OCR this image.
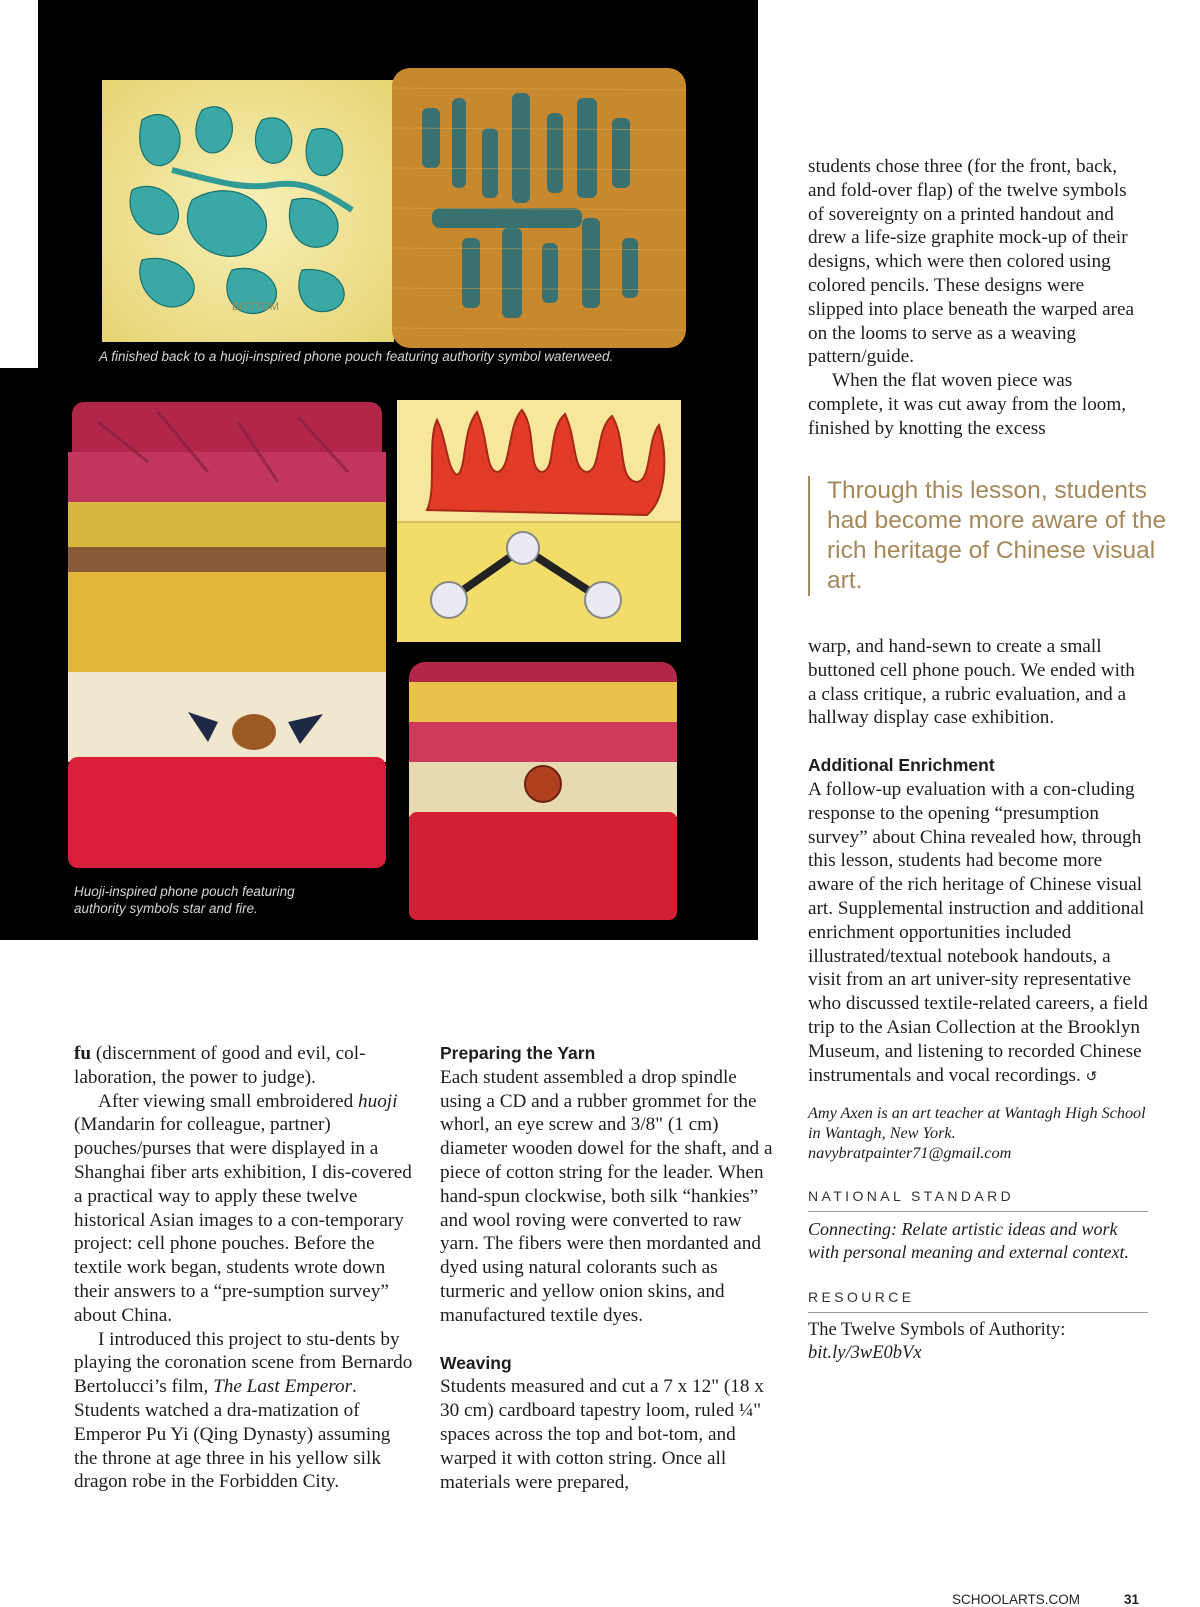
BOTTOM
A finished back to a huoji-inspired phone pouch featuring authority symbol waterweed.
Huoji-inspired phone pouch featuring authority symbols star and fire.

students chose three (for the front, back, and fold-over flap) of the twelve symbols of sovereignty on a printed handout and drew a life-size graphite mock-up of their designs, which were then colored using colored pencils. These designs were slipped into place beneath the warped area on the looms to serve as a weaving pattern/guide.

When the flat woven piece was complete, it was cut away from the loom, finished by knotting the excess

Through this lesson, students had become more aware of the rich heritage of Chinese visual art.

warp, and hand-sewn to create a small buttoned cell phone pouch. We ended with a class critique, a rubric evaluation, and a hallway display case exhibition.

Additional Enrichment

A follow-up evaluation with a con-cluding response to the opening “presumption survey” about China revealed how, through this lesson, students had become more aware of the rich heritage of Chinese visual art. Supplemental instruction and additional enrichment opportunities included illustrated/textual notebook handouts, a visit from an art univer-sity representative who discussed textile-related careers, a field trip to the Asian Collection at the Brooklyn Museum, and listening to recorded Chinese instrumentals and vocal recordings. ↺

Amy Axen is an art teacher at Wantagh High School in Wantagh, New York. navybratpainter71@gmail.com

NATIONAL STANDARD

Connecting: Relate artistic ideas and work with personal meaning and external context.

RESOURCE

The Twelve Symbols of Authority:

bit.ly/3wE0bVx

fu (discernment of good and evil, col-laboration, the power to judge).

After viewing small embroidered huoji (Mandarin for colleague, partner) pouches/purses that were displayed in a Shanghai fiber arts exhibition, I dis-covered a practical way to apply these twelve historical Asian images to a con-temporary project: cell phone pouches. Before the textile work began, students wrote down their answers to a “pre-sumption survey” about China.

I introduced this project to stu-dents by playing the coronation scene from Bernardo Bertolucci’s film, The Last Emperor. Students watched a dra-matization of Emperor Pu Yi (Qing Dynasty) assuming the throne at age three in his yellow silk dragon robe in the Forbidden City.

Preparing the Yarn

Each student assembled a drop spindle using a CD and a rubber grommet for the whorl, an eye screw and 3/8" (1 cm) diameter wooden dowel for the shaft, and a piece of cotton string for the leader. When hand-spun clockwise, both silk “hankies” and wool roving were converted to raw yarn. The fibers were then mordanted and dyed using natural colorants such as turmeric and yellow onion skins, and manufactured textile dyes.

Weaving

Students measured and cut a 7 x 12" (18 x 30 cm) cardboard tapestry loom, ruled ¼" spaces across the top and bot-tom, and warped it with cotton string. Once all materials were prepared,

SCHOOLARTS.COM	31
